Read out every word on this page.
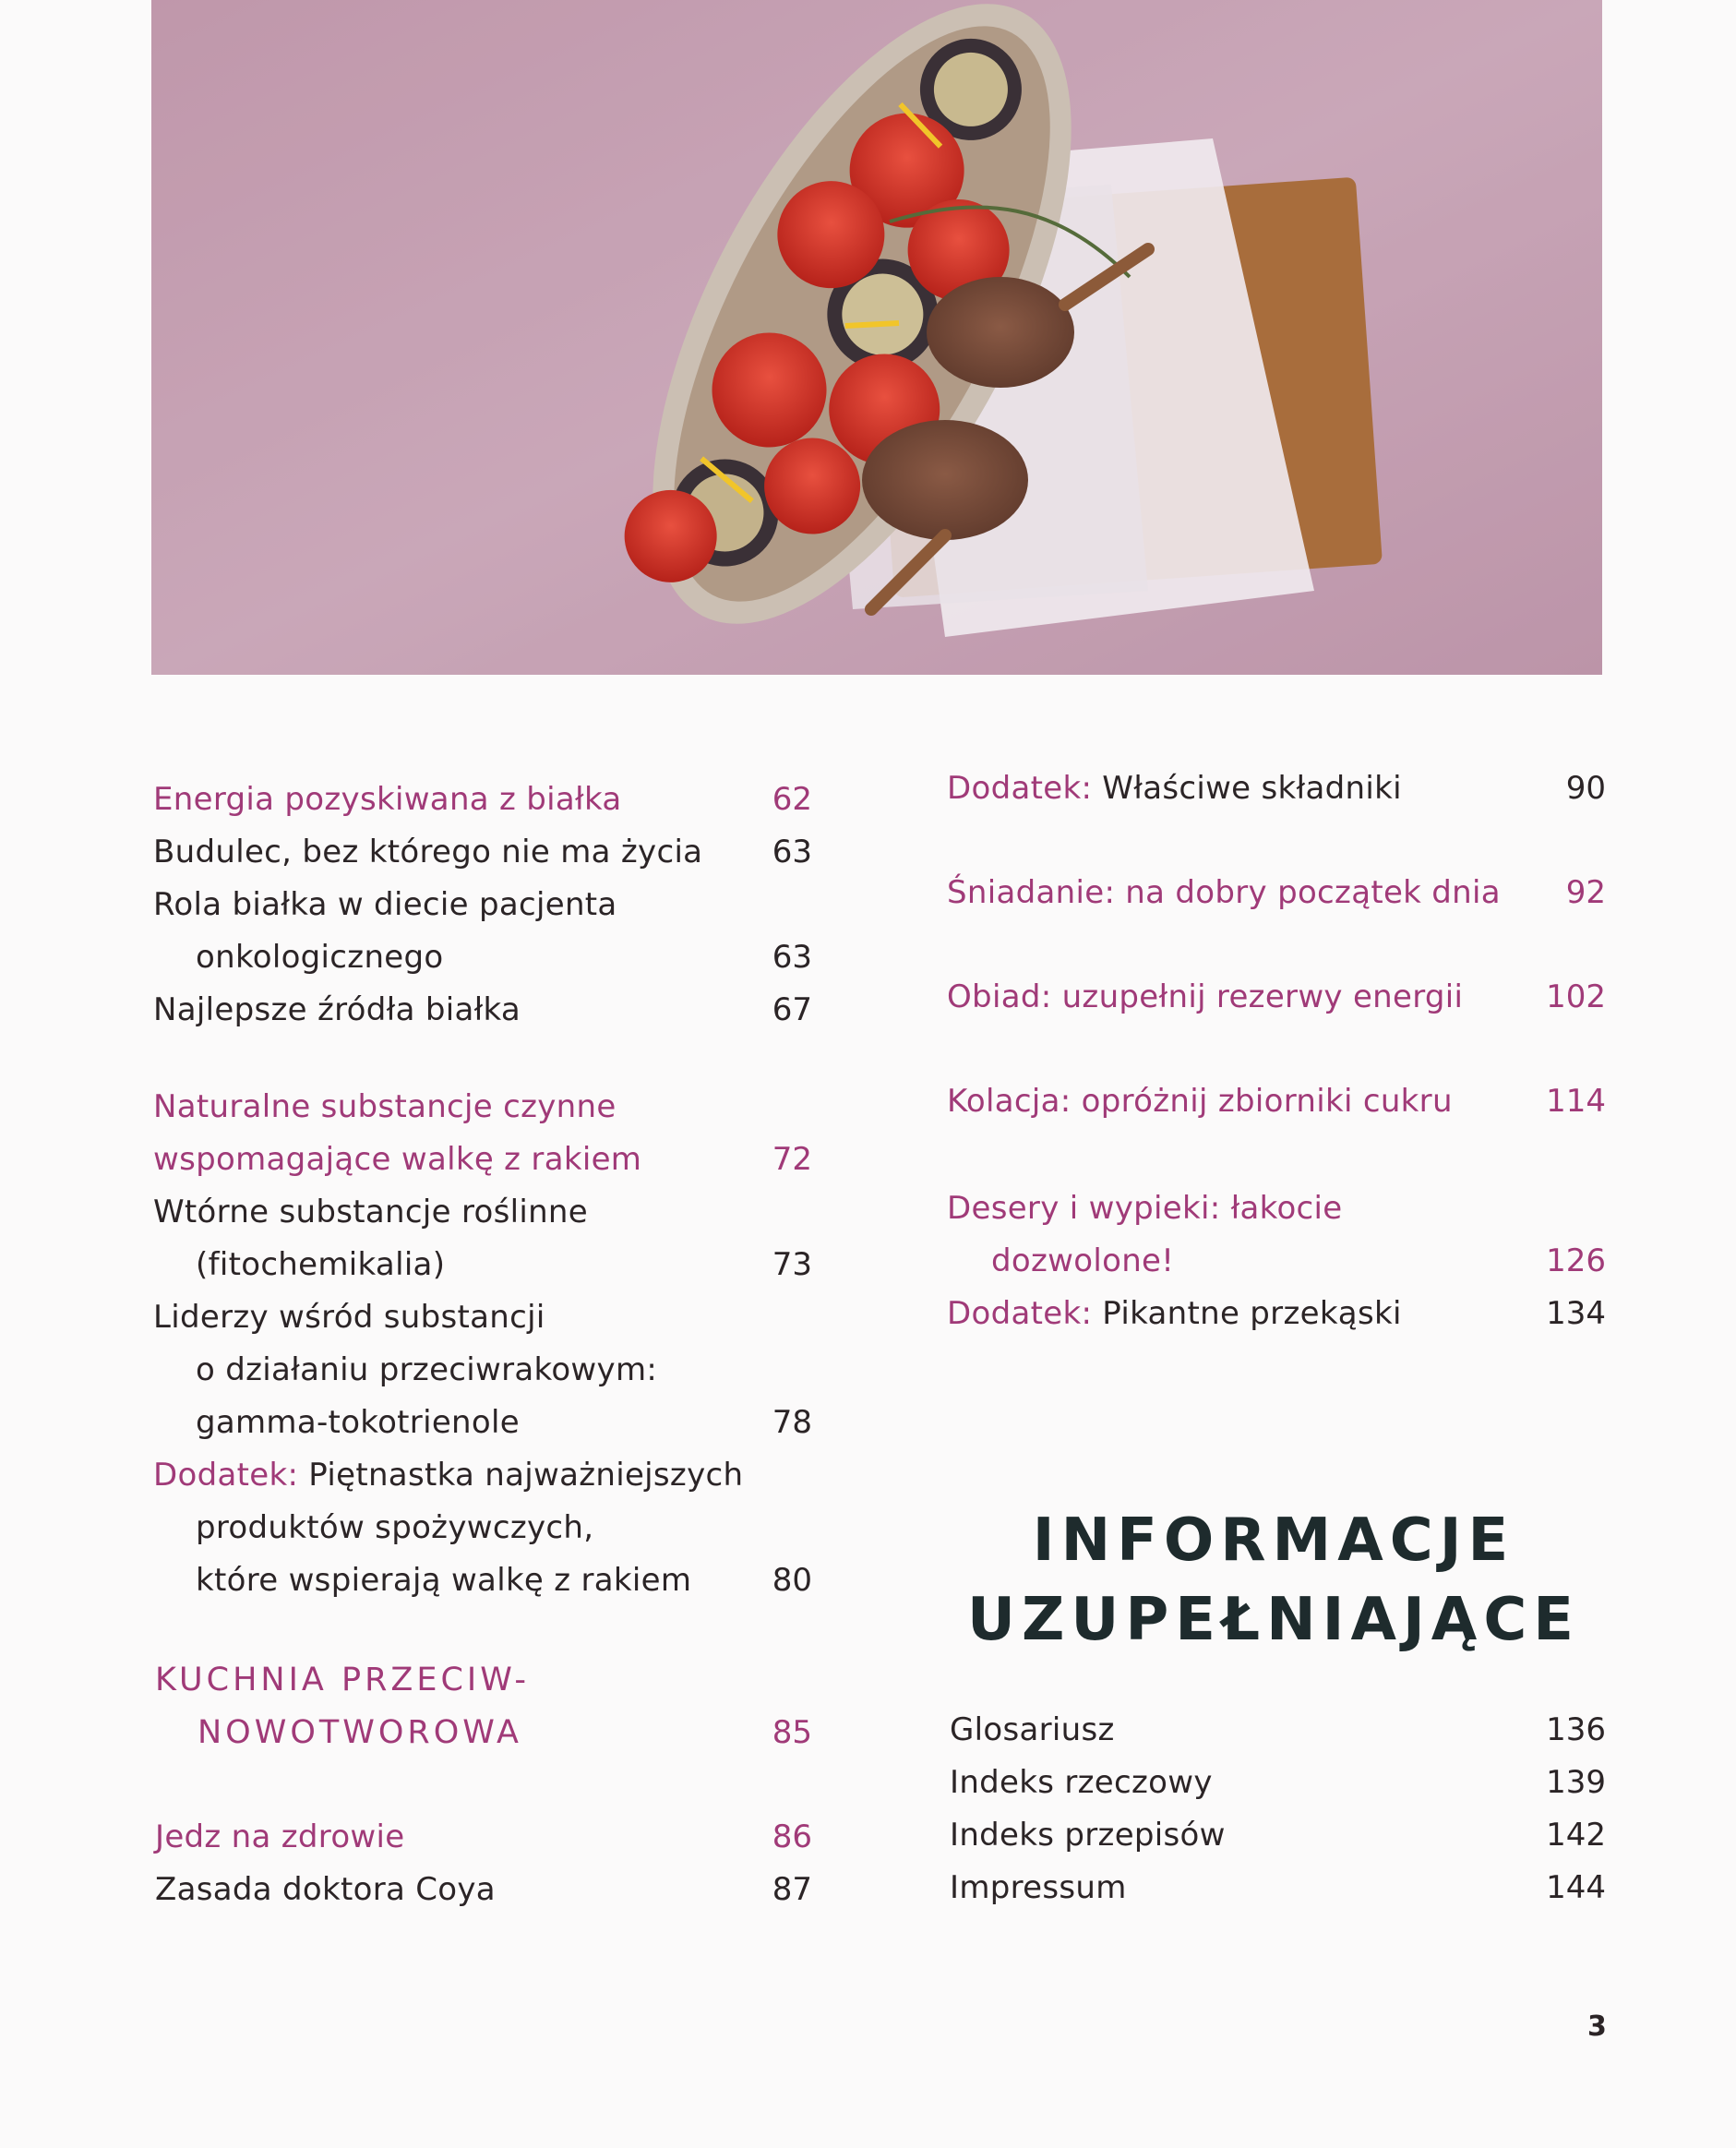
Energia pozyskiwana z białka	62
Budulec, bez którego nie ma życia	63
Rola białka w diecie pacjenta
onkologicznego	63
Najlepsze źródła białka	67
Naturalne substancje czynne
wspomagające walkę z rakiem	72
Wtórne substancje roślinne
(fitochemikalia)	73
Liderzy wśród substancji
o działaniu przeciwrakowym:
gamma-tokotrienole	78
Dodatek: Piętnastka najważniejszych
produktów spożywczych,
które wspierają walkę z rakiem	80
KUCHNIA PRZECIW-
NOWOTWOROWA	85
Jedz na zdrowie	86
Zasada doktora Coya	87
Dodatek: Właściwe składniki	90
Śniadanie: na dobry początek dnia	92
Obiad: uzupełnij rezerwy energii	102
Kolacja: opróżnij zbiorniki cukru	114
Desery i wypieki: łakocie
dozwolone!	126
Dodatek: Pikantne przekąski	134
INFORMACJE
UZUPEŁNIAJĄCE
Glosariusz	136
Indeks rzeczowy	139
Indeks przepisów	142
Impressum	144
3
